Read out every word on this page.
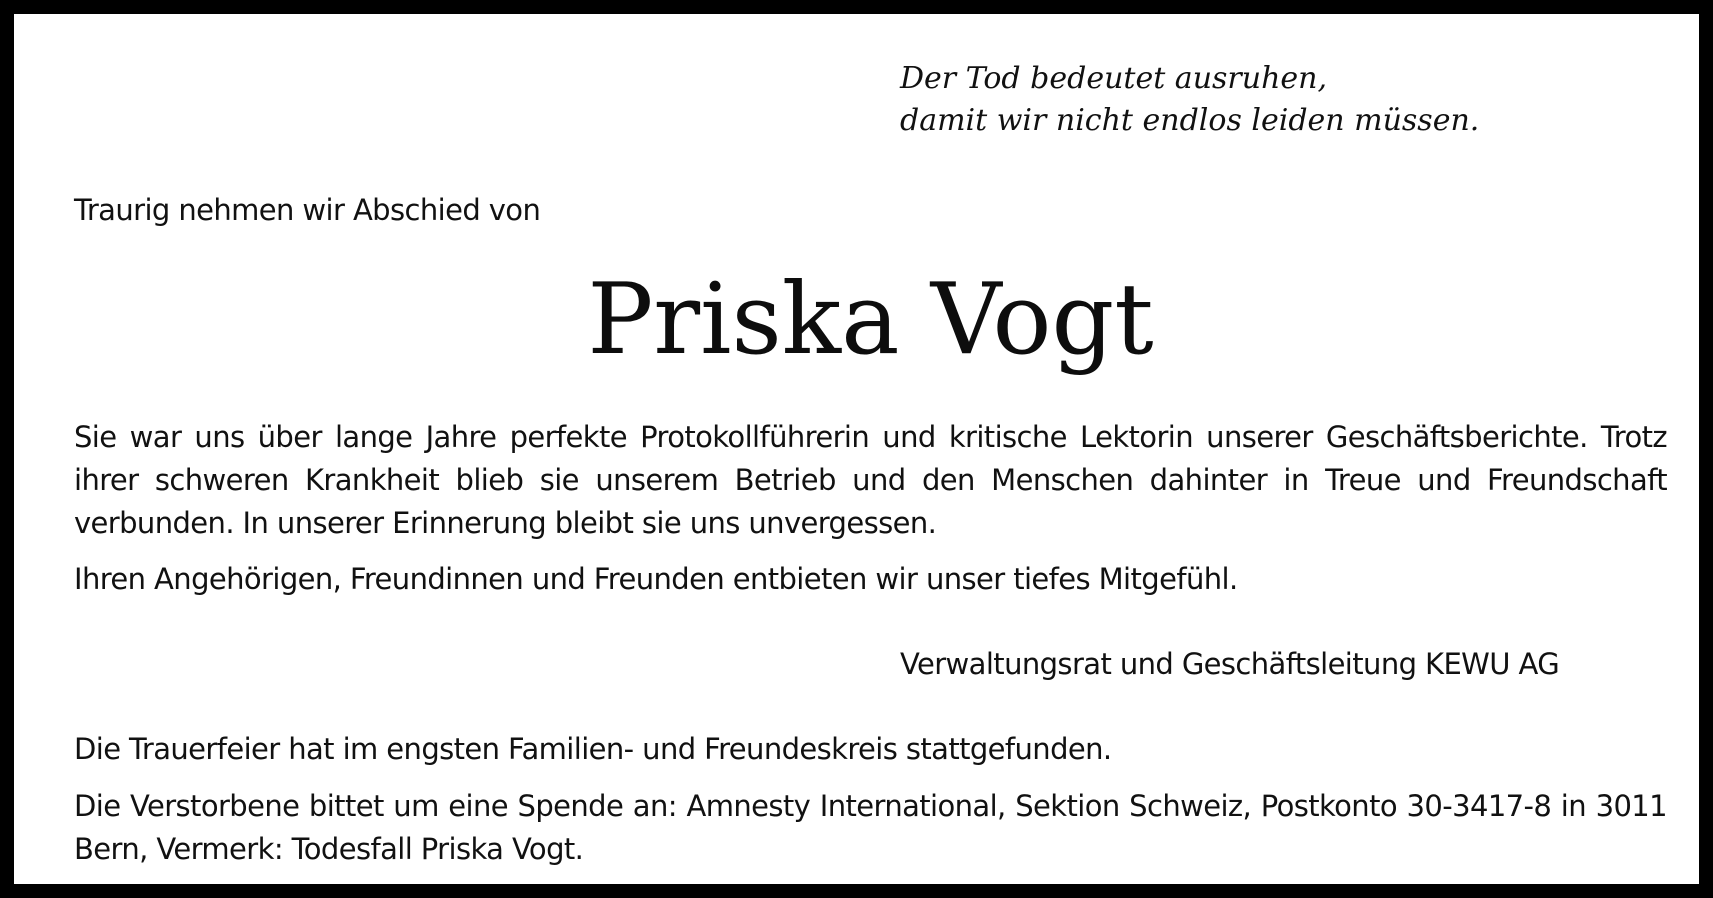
Der Tod bedeutet ausruhen,
damit wir nicht endlos leiden müssen.
Traurig nehmen wir Abschied von
Priska Vogt
Sie war uns über lange Jahre perfekte Protokollführerin und kritische Lektorin unserer Geschäftsberichte. Trotz ihrer schweren Krankheit blieb sie unserem Betrieb und den Menschen dahinter in Treue und Freundschaft verbunden. In unserer Erinnerung bleibt sie uns unvergessen.
Ihren Angehörigen, Freundinnen und Freunden entbieten wir unser tiefes Mitgefühl.
Verwaltungsrat und Geschäftsleitung KEWU AG
Die Trauerfeier hat im engsten Familien- und Freundeskreis stattgefunden.
Die Verstorbene bittet um eine Spende an: Amnesty International, Sektion Schweiz, Postkonto 30-3417-8 in 3011 Bern, Vermerk: Todesfall Priska Vogt.
